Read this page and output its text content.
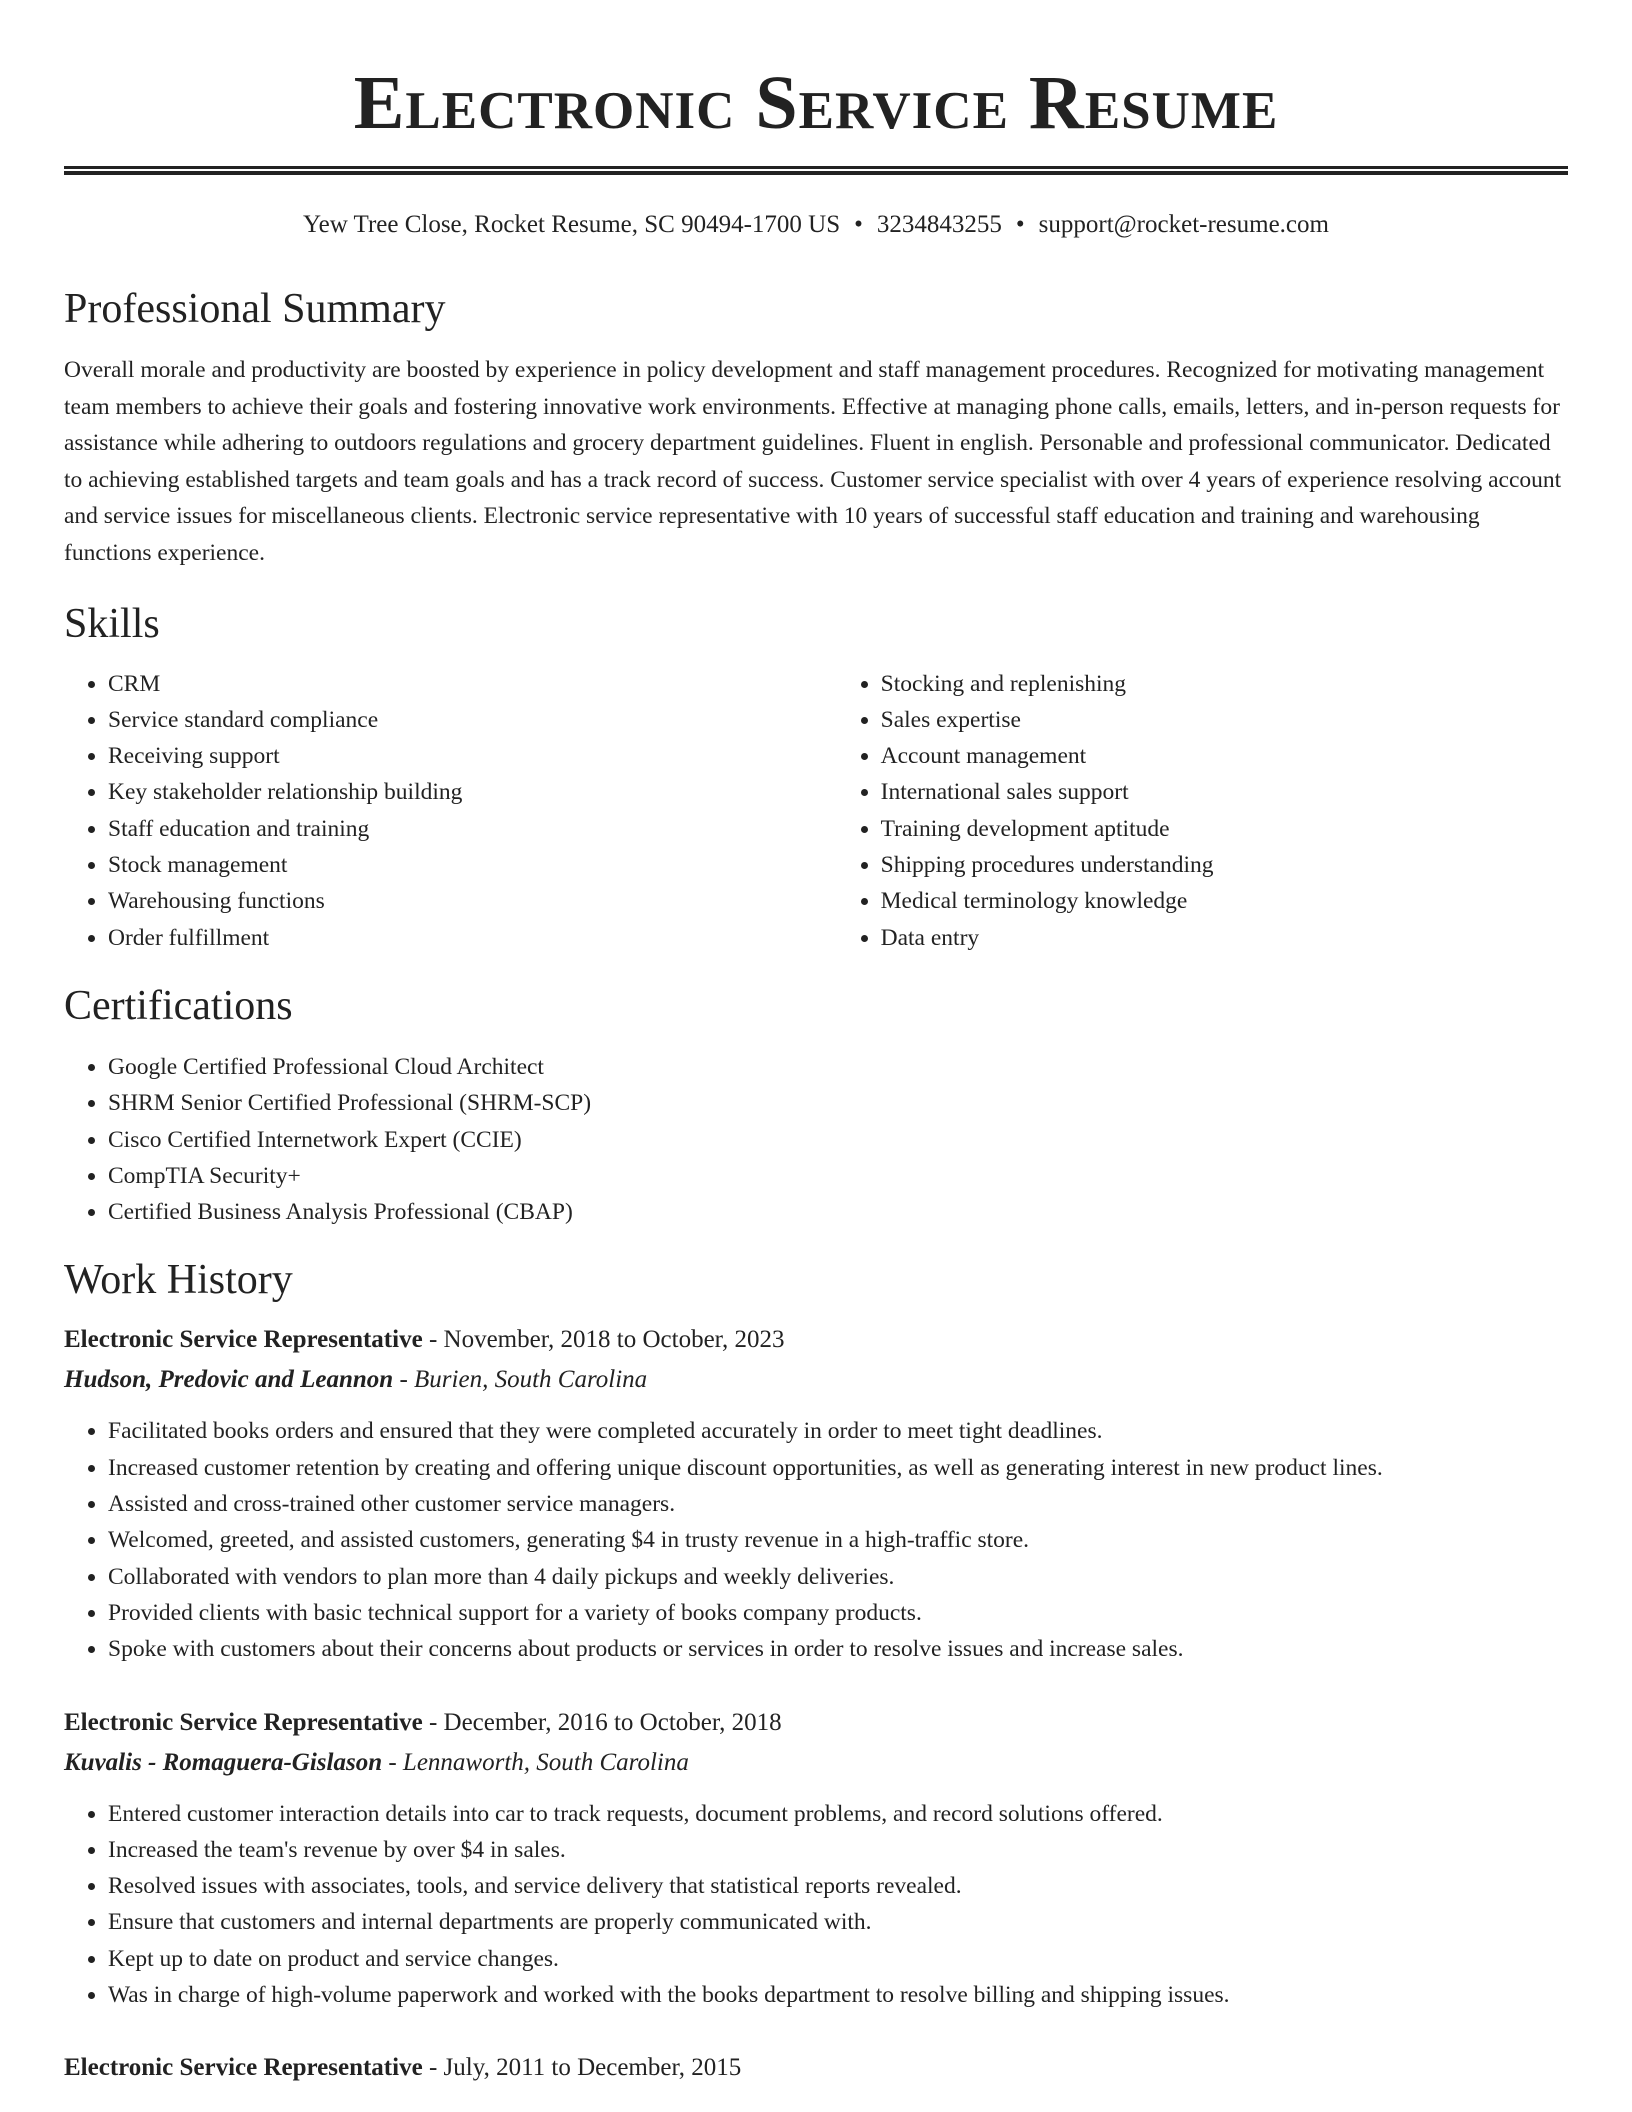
Electronic Service Resume
Yew Tree Close, Rocket Resume, SC 90494-1700 US • 3234843255 • support@rocket-resume.com
Professional Summary

Overall morale and productivity are boosted by experience in policy development and staff management procedures. Recognized for motivating management team members to achieve their goals and fostering innovative work environments. Effective at managing phone calls, emails, letters, and in-person requests for assistance while adhering to outdoors regulations and grocery department guidelines. Fluent in english. Personable and professional communicator. Dedicated to achieving established targets and team goals and has a track record of success. Customer service specialist with over 4 years of experience resolving account and service issues for miscellaneous clients. Electronic service representative with 10 years of successful staff education and training and warehousing functions experience.

Skills
• CRM
• Service standard compliance
• Receiving support
• Key stakeholder relationship building
• Staff education and training
• Stock management
• Warehousing functions
• Order fulfillment
• Stocking and replenishing
• Sales expertise
• Account management
• International sales support
• Training development aptitude
• Shipping procedures understanding
• Medical terminology knowledge
• Data entry
Certifications
• Google Certified Professional Cloud Architect
• SHRM Senior Certified Professional (SHRM-SCP)
• Cisco Certified Internetwork Expert (CCIE)
• CompTIA Security+
• Certified Business Analysis Professional (CBAP)
Work History
Electronic Service Representative - November, 2018 to October, 2023
Hudson, Predovic and Leannon - Burien, South Carolina
• Facilitated books orders and ensured that they were completed accurately in order to meet tight deadlines.
• Increased customer retention by creating and offering unique discount opportunities, as well as generating interest in new product lines.
• Assisted and cross-trained other customer service managers.
• Welcomed, greeted, and assisted customers, generating $4 in trusty revenue in a high-traffic store.
• Collaborated with vendors to plan more than 4 daily pickups and weekly deliveries.
• Provided clients with basic technical support for a variety of books company products.
• Spoke with customers about their concerns about products or services in order to resolve issues and increase sales.
Electronic Service Representative - December, 2016 to October, 2018
Kuvalis - Romaguera-Gislason - Lennaworth, South Carolina
• Entered customer interaction details into car to track requests, document problems, and record solutions offered.
• Increased the team's revenue by over $4 in sales.
• Resolved issues with associates, tools, and service delivery that statistical reports revealed.
• Ensure that customers and internal departments are properly communicated with.
• Kept up to date on product and service changes.
• Was in charge of high-volume paperwork and worked with the books department to resolve billing and shipping issues.
Electronic Service Representative - July, 2011 to December, 2015
